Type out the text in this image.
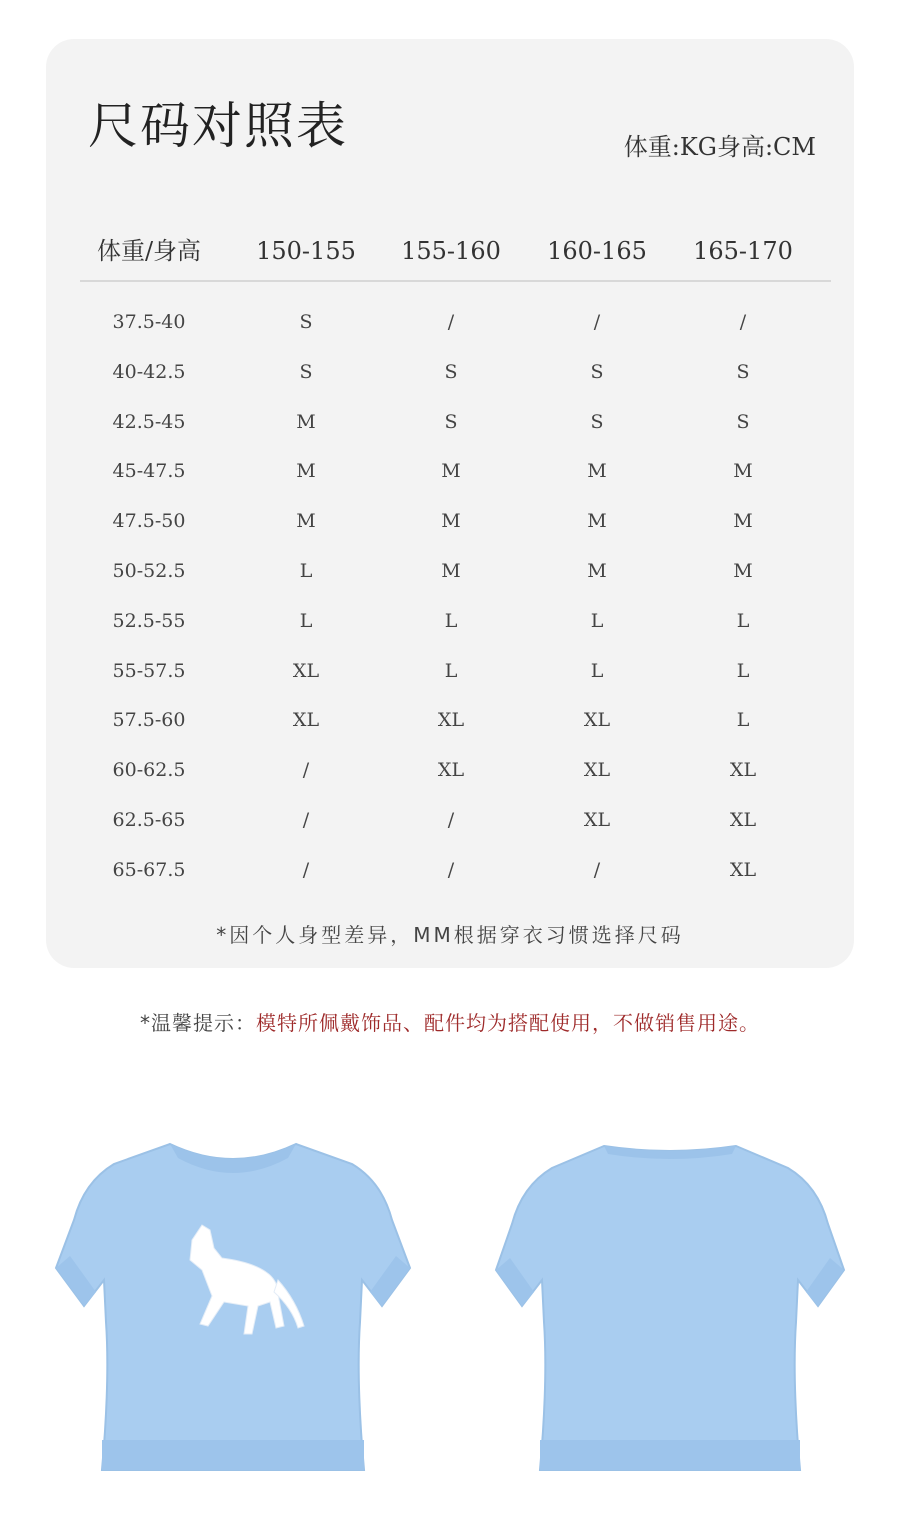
尺码对照表	体重:KG身高:CM
体重/身高	150-155	155-160	160-165	165-170
37.5-40	S	/	/	/
40-42.5	S	S	S	S
42.5-45	M	S	S	S
45-47.5	M	M	M	M
47.5-50	M	M	M	M
50-52.5	L	M	M	M
52.5-55	L	L	L	L
55-57.5	XL	L	L	L
57.5-60	XL	XL	XL	L
60-62.5	/	XL	XL	XL
62.5-65	/	/	XL	XL
65-67.5	/	/	/	XL
*因个人身型差异，MM根据穿衣习惯选择尺码
*温馨提示：模特所佩戴饰品、配件均为搭配使用，不做销售用途。
